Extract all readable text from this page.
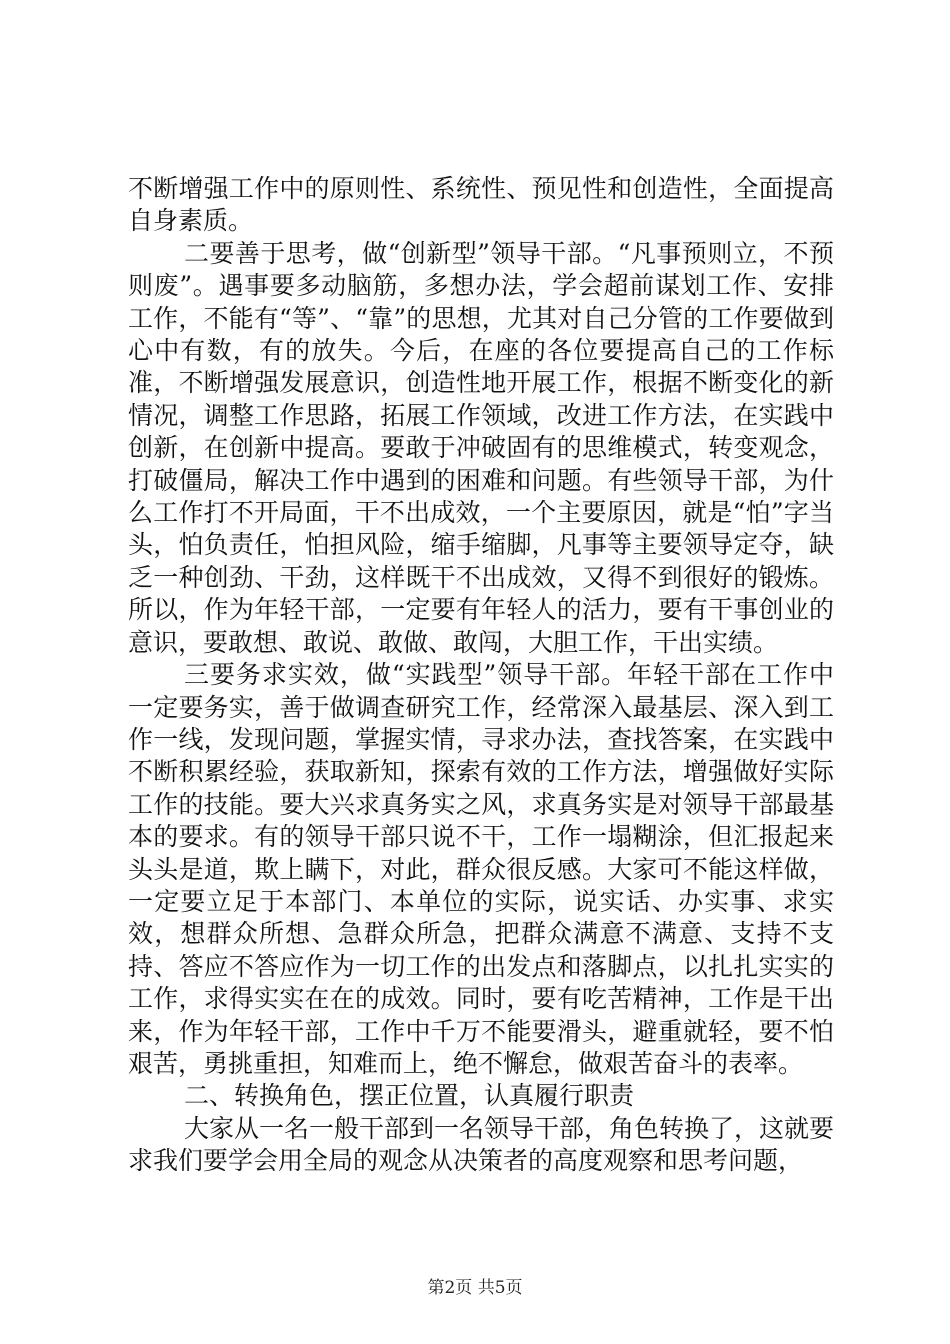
不断增强工作中的原则性、系统性、预见性和创造性，全面提高自身素质。

二要善于思考，做“创新型”领导干部。“凡事预则立，不预则废”。遇事要多动脑筋，多想办法，学会超前谋划工作、安排工作，不能有“等”、“靠”的思想，尤其对自己分管的工作要做到心中有数，有的放失。今后，在座的各位要提高自己的工作标准，不断增强发展意识，创造性地开展工作，根据不断变化的新情况，调整工作思路，拓展工作领域，改进工作方法，在实践中创新，在创新中提高。要敢于冲破固有的思维模式，转变观念，打破僵局，解决工作中遇到的困难和问题。有些领导干部，为什么工作打不开局面，干不出成效，一个主要原因，就是“怕”字当头，怕负责任，怕担风险，缩手缩脚，凡事等主要领导定夺，缺乏一种创劲、干劲，这样既干不出成效，又得不到很好的锻炼。所以，作为年轻干部，一定要有年轻人的活力，要有干事创业的意识，要敢想、敢说、敢做、敢闯，大胆工作，干出实绩。

三要务求实效，做“实践型”领导干部。年轻干部在工作中一定要务实，善于做调查研究工作，经常深入最基层、深入到工作一线，发现问题，掌握实情，寻求办法，查找答案，在实践中不断积累经验，获取新知，探索有效的工作方法，增强做好实际工作的技能。要大兴求真务实之风，求真务实是对领导干部最基本的要求。有的领导干部只说不干，工作一塌糊涂，但汇报起来头头是道，欺上瞒下，对此，群众很反感。大家可不能这样做，一定要立足于本部门、本单位的实际，说实话、办实事、求实效，想群众所想、急群众所急，把群众满意不满意、支持不支持、答应不答应作为一切工作的出发点和落脚点，以扎扎实实的工作，求得实实在在的成效。同时，要有吃苦精神，工作是干出来，作为年轻干部，工作中千万不能要滑头，避重就轻，要不怕艰苦，勇挑重担，知难而上，绝不懈怠，做艰苦奋斗的表率。

二、转换角色，摆正位置，认真履行职责

大家从一名一般干部到一名领导干部，角色转换了，这就要求我们要学会用全局的观念从决策者的高度观察和思考问题，

第2页 共5页
